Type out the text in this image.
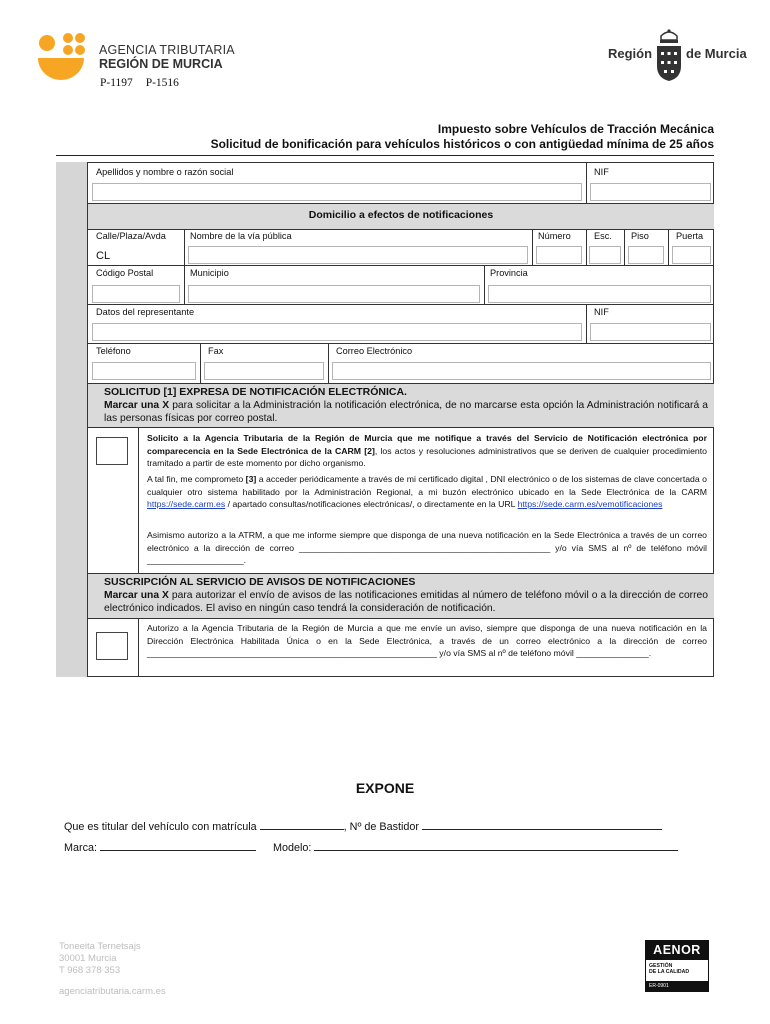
AGENCIA TRIBUTARIA
REGIÓN DE MURCIA
P-1197 P-1516
Región	de Murcia
Impuesto sobre Vehículos de Tracción Mecánica
Solicitud de bonificación para vehículos históricos o con antigüedad mínima de 25 años
Apellidos y nombre o razón social	NIF
Domicilio a efectos de notificaciones
Calle/Plaza/Avda	Nombre de la vía pública	Número	Esc. Piso	Puerta
CL
Código Postal	Municipio	Provincia
Datos del representante	NIF
Teléfono	Fax	Correo Electrónico
SOLICITUD [1] EXPRESA DE NOTIFICACIÓN ELECTRÓNICA.
Marcar una X para solicitar a la Administración la notificación electrónica, de no marcarse esta opción la Administración notificará a las personas físicas por correo postal.
Solicito a la Agencia Tributaria de la Región de Murcia que me notifique a través del Servicio de Notificación electrónica por comparecencia en la Sede Electrónica de la CARM [2], los actos y resoluciones administrativos que se deriven de cualquier procedimiento tramitado a partir de este momento por dicho organismo.
A tal fin, me comprometo [3] a acceder periódicamente a través de mi certificado digital , DNI electrónico o de los sistemas de clave concertada o cualquier otro sistema habilitado por la Administración Regional, a mi buzón electrónico ubicado en la Sede Electrónica de la CARM https://sede.carm.es / apartado consultas/notificaciones electrónicas/, o directamente en la URL https://sede.carm.es/vemotificaciones
Asimismo autorizo a la ATRM, a que me informe siempre que disponga de una nueva notificación en la Sede Electrónica a través de un correo electrónico a la dirección de correo ____________________________________________________ y/o vía SMS al nº de teléfono móvil ____________________.
SUSCRIPCIÓN AL SERVICIO DE AVISOS DE NOTIFICACIONES
Marcar una X para autorizar el envío de avisos de las notificaciones emitidas al número de teléfono móvil o a la dirección de correo electrónico indicados. El aviso en ningún caso tendrá la consideración de notificación.
Autorizo a la Agencia Tributaria de la Región de Murcia a que me envíe un aviso, siempre que disponga de una nueva notificación en la Dirección Electrónica Habilitada Única o en la Sede Electrónica, a través de un correo electrónico a la dirección de correo ____________________________________________________________ y/o vía SMS al nº de teléfono móvil _______________.
EXPONE
Que es titular del vehículo con matrícula	, Nº de Bastidor
Marca:	Modelo:
Toneeita Ternetsajs
30001 Murcia
T 968 378 353
agenciatributaria.carm.es
AENOR
GESTIÓN
DE LA CALIDAD
ER-0901
